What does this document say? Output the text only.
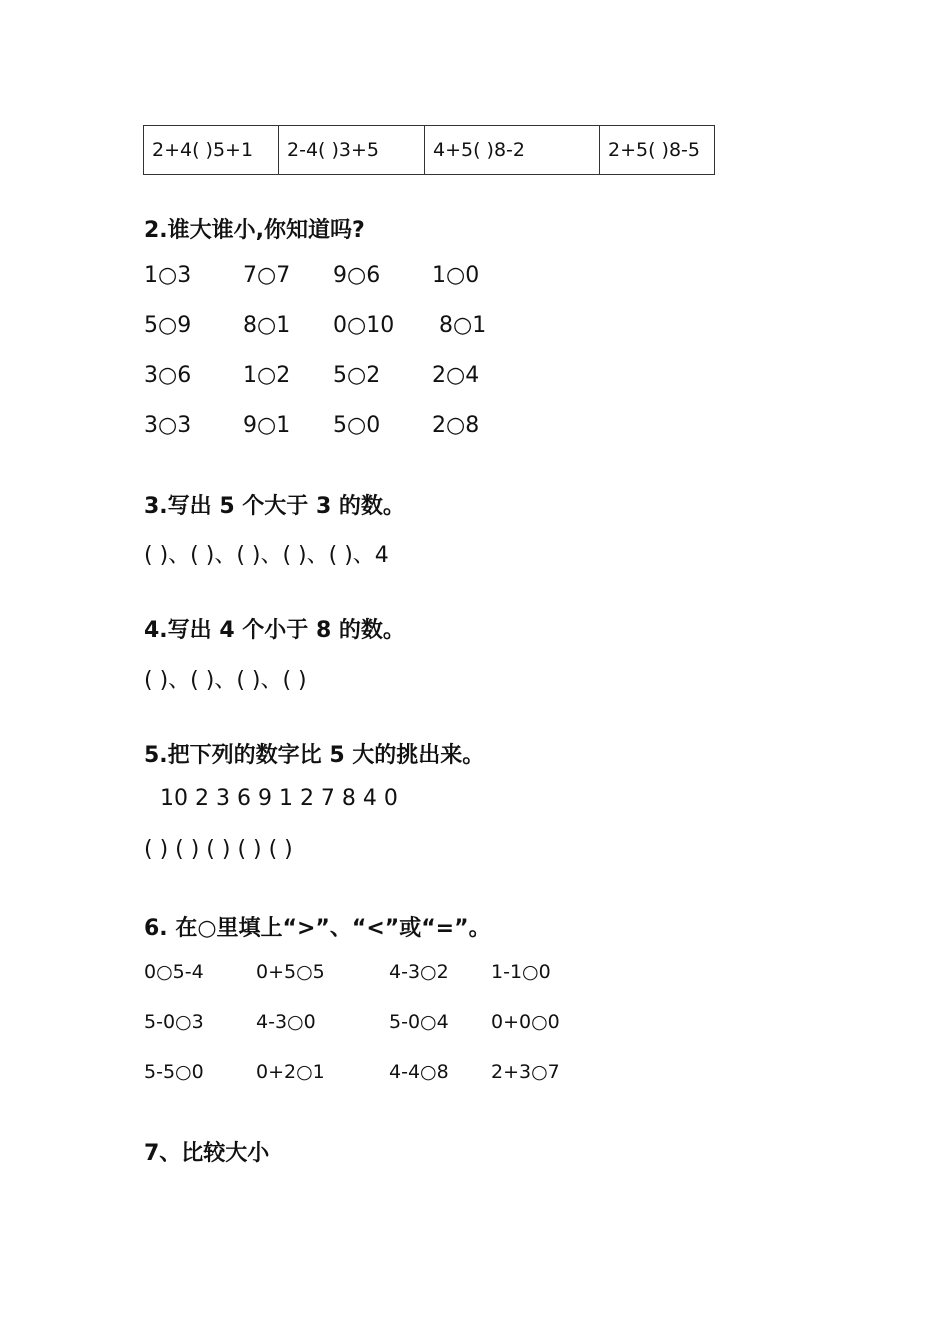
2+4( )5+1	2-4( )3+5	4+5( )8-2	2+5( )8-5
2.谁大谁小,你知道吗?
1○3 7○7 9○6 1○0
5○9 8○1 0○10 8○1
3○6 1○2 5○2 2○4
3○3 9○1 5○0 2○8
3.写出 5 个大于 3 的数。
( )、( )、( )、( )、( )、4
4.写出 4 个小于 8 的数。
( )、( )、( )、( )
5.把下列的数字比 5 大的挑出来。
10 2 3 6 9 1 2 7 8 4 0
( ) ( ) ( ) ( ) ( )
6. 在○里填上“>”、“<”或“=”。
0○5-4	0+5○5	4-3○2 1-1○0
5-0○3	4-3○0	5-0○4 0+0○0
5-5○0	0+2○1	4-4○8 2+3○7
7、比较大小
